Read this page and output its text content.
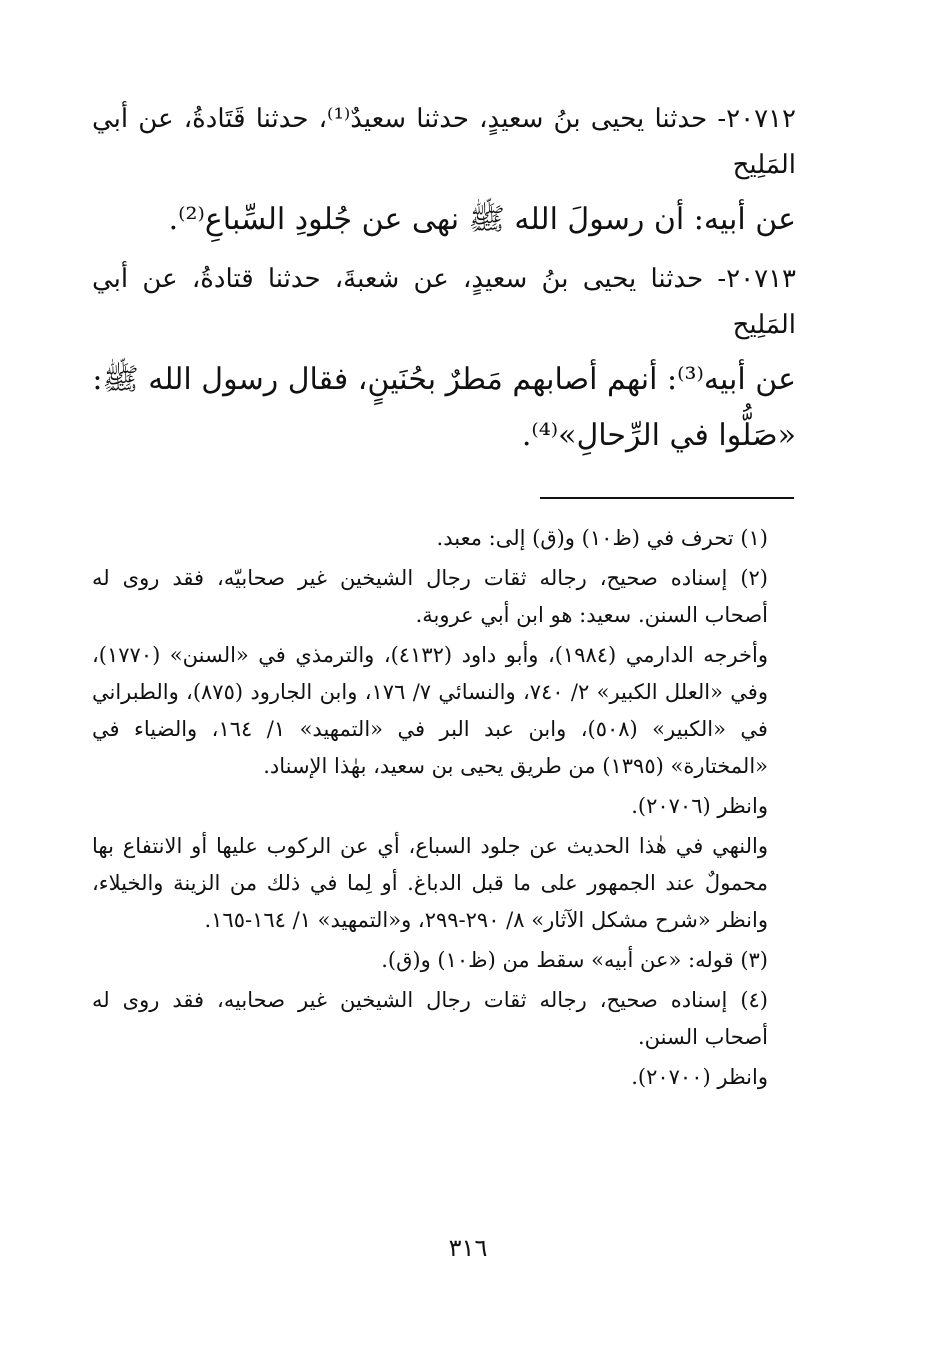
٢٠٧١٢- حدثنا يحيى بنُ سعيدٍ، حدثنا سعيدٌ⁽¹⁾، حدثنا قَتَادةُ، عن أبي المَلِيح

عن أبيه: أن رسولَ الله ﷺ نهى عن جُلودِ السِّباعِ⁽²⁾.

٢٠٧١٣- حدثنا يحيى بنُ سعيدٍ، عن شعبةَ، حدثنا قتادةُ، عن أبي المَلِيح

عن أبيه⁽³⁾: أنهم أصابهم مَطرٌ بحُنَينٍ، فقال رسول الله ﷺ: «صَلُّوا في الرِّحالِ»⁽⁴⁾.

(١) تحرف في (ظ١٠) و(ق) إلى: معبد.

(٢) إسناده صحيح، رجاله ثقات رجال الشيخين غير صحابيّه، فقد روى له أصحاب السنن. سعيد: هو ابن أبي عروبة.

وأخرجه الدارمي (١٩٨٤)، وأبو داود (٤١٣٢)، والترمذي في «السنن» (١٧٧٠)، وفي «العلل الكبير» ٢/ ٧٤٠، والنسائي ٧/ ١٧٦، وابن الجارود (٨٧٥)، والطبراني في «الكبير» (٥٠٨)، وابن عبد البر في «التمهيد» ١/ ١٦٤، والضياء في «المختارة» (١٣٩٥) من طريق يحيى بن سعيد، بهٰذا الإسناد.

وانظر (٢٠٧٠٦).

والنهي في هٰذا الحديث عن جلود السباع، أي عن الركوب عليها أو الانتفاع بها محمولٌ عند الجمهور على ما قبل الدباغ. أو لِما في ذلك من الزينة والخيلاء، وانظر «شرح مشكل الآثار» ٨/ ٢٩٠-٢٩٩، و«التمهيد» ١/ ١٦٤-١٦٥.

(٣) قوله: «عن أبيه» سقط من (ظ١٠) و(ق).

(٤) إسناده صحيح، رجاله ثقات رجال الشيخين غير صحابيه، فقد روى له أصحاب السنن.

وانظر (٢٠٧٠٠).

٣١٦
